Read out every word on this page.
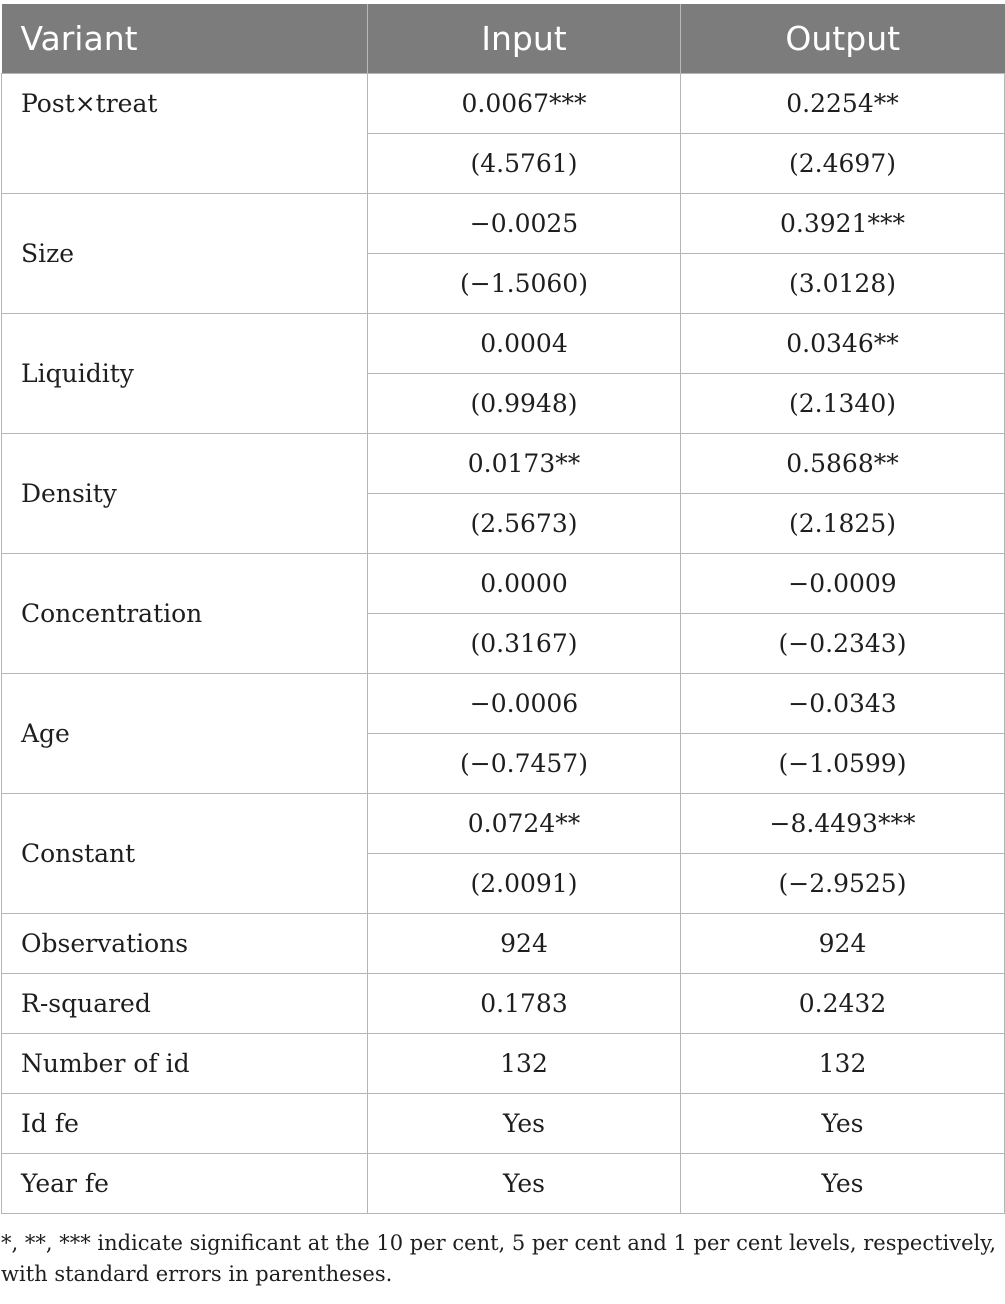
Variant	Input	Output
Post×treat	0.0067***	0.2254**
	(4.5761)	(2.4697)
Size	−0.0025	0.3921***
	(−1.5060)	(3.0128)
Liquidity	0.0004	0.0346**
	(0.9948)	(2.1340)
Density	0.0173**	0.5868**
	(2.5673)	(2.1825)
Concentration	0.0000	−0.0009
	(0.3167)	(−0.2343)
Age	−0.0006	−0.0343
	(−0.7457)	(−1.0599)
Constant	0.0724**	−8.4493***
	(2.0091)	(−2.9525)
Observations	924	924
R-squared	0.1783	0.2432
Number of id	132	132
Id fe	Yes	Yes
Year fe	Yes	Yes
*, **, *** indicate significant at the 10 per cent, 5 per cent and 1 per cent levels, respectively, with standard errors in parentheses.
